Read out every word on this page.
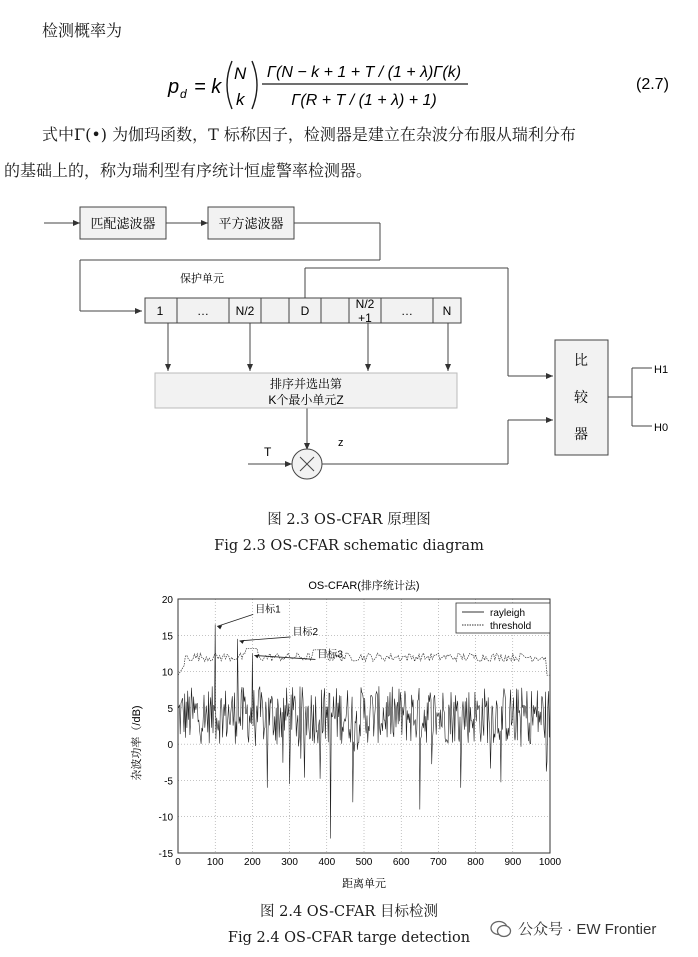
检测概率为
p d = k
N
k
Γ(N − k + 1 + T / (1 + λ)Γ(k)
Γ(R + T / (1 + λ) + 1)
(2.7)
式中Γ(•) 为伽玛函数，T 标称因子，检测器是建立在杂波分布服从瑞利分布
的基础上的，称为瑞利型有序统计恒虚警率检测器。
匹配滤波器	平方滤波器
保护单元
1	… N/2	D	N/2
+1 … N
排序并选出第
K个最小单元Z
T
z
比
较
器
H1
H0
图 2.3 OS-CFAR 原理图
Fig 2.3 OS-CFAR schematic diagram
OS-CFAR(排序统计法)
20
15
10
5
0
-5
-10
-15
0	100 200 300 400 500 600 700 800 900 1000
目标1
目标2
目标3
rayleigh
threshold
距离单元
杂波功率（/dB)
图 2.4 OS-CFAR 目标检测
Fig 2.4 OS-CFAR targe detection	公众号 · EW Frontier
